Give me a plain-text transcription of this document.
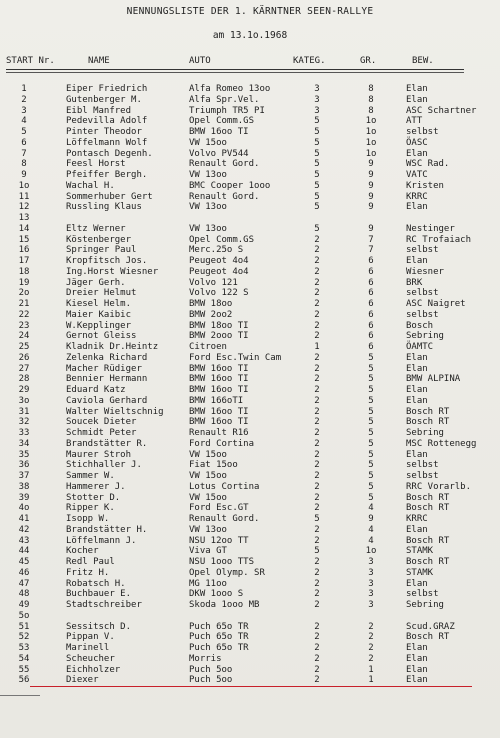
NENNUNGSLISTE DER 1. KÄRNTNER SEEN-RALLYE
am 13.1o.1968
START Nr.	NAME	AUTO	KATEG.	GR.	BEW.
1	Eiper Friedrich	Alfa Romeo 13oo	3	8	Elan
2	Gutenberger M.	Alfa Spr.Vel.	3	8	Elan
3	Eibl Manfred	Triumph TR5 PI	3	8	ASC Schartner
4	Pedevilla Adolf	Opel Comm.GS	5	1o	ATT
5	Pinter Theodor	BMW 16oo TI	5	1o	selbst
6	Löffelmann Wolf	VW 15oo	5	1o	ÖASC
7	Pontasch Degenh.	Volvo PV544	5	1o	Elan
8	Feesl Horst	Renault Gord.	5	9	WSC Rad.
9	Pfeiffer Bergh.	VW 13oo	5	9	VATC
1o	Wachal H.	BMC Cooper 1ooo	5	9	Kristen
11	Sommerhuber Gert	Renault Gord.	5	9	KRRC
12	Russling Klaus	VW 13oo	5	9	Elan
13
14	Eltz Werner	VW 13oo	5	9	Nestinger
15	Köstenberger	Opel Comm.GS	2	7	RC Trofaiach
16	Springer Paul	Merc.25o S	2	7	selbst
17	Kropfitsch Jos.	Peugeot 4o4	2	6	Elan
18	Ing.Horst Wiesner	Peugeot 4o4	2	6	Wiesner
19	Jäger Gerh.	Volvo 121	2	6	BRK
2o	Dreier Helmut	Volvo 122 S	2	6	selbst
21	Kiesel Helm.	BMW 18oo	2	6	ASC Naigret
22	Maier Kaibic	BMW 2oo2	2	6	selbst
23	W.Kepplinger	BMW 18oo TI	2	6	Bosch
24	Gernot Gleiss	BMW 2ooo TI	2	6	Sebring
25	Kladnik Dr.Heintz	Citroen	1	6	ÖAMTC
26	Zelenka Richard	Ford Esc.Twin Cam	2	5	Elan
27	Macher Rüdiger	BMW 16oo TI	2	5	Elan
28	Bennier Hermann	BMW 16oo TI	2	5	BMW ALPINA
29	Eduard Katz	BMW 16oo TI	2	5	Elan
3o	Caviola Gerhard	BMW 166oTI	2	5	Elan
31	Walter Wieltschnig	BMW 16oo TI	2	5	Bosch RT
32	Soucek Dieter	BMW 16oo TI	2	5	Bosch RT
33	Schmidt Peter	Renault R16	2	5	Sebring
34	Brandstätter R.	Ford Cortina	2	5	MSC Rottenegg
35	Maurer Stroh	VW 15oo	2	5	Elan
36	Stichhaller J.	Fiat 15oo	2	5	selbst
37	Sammer W.	VW 15oo	2	5	selbst
38	Hammerer J.	Lotus Cortina	2	5	RRC Vorarlb.
39	Stotter D.	VW 15oo	2	5	Bosch RT
4o	Ripper K.	Ford Esc.GT	2	4	Bosch RT
41	Isopp W.	Renault Gord.	5	9	KRRC
42	Brandstätter H.	VW 13oo	2	4	Elan
43	Löffelmann J.	NSU 12oo TT	2	4	Bosch RT
44	Kocher	Viva GT	5	1o	STAMK
45	Redl Paul	NSU 1ooo TTS	2	3	Bosch RT
46	Fritz H.	Opel Olymp. SR	2	3	STAMK
47	Robatsch H.	MG 11oo	2	3	Elan
48	Buchbauer E.	DKW 1ooo S	2	3	selbst
49	Stadtschreiber	Skoda 1ooo MB	2	3	Sebring
5o
51	Sessitsch D.	Puch 65o TR	2	2	Scud.GRAZ
52	Pippan V.	Puch 65o TR	2	2	Bosch RT
53	Marinell	Puch 65o TR	2	2	Elan
54	Scheucher	Morris	2	2	Elan
55	Eichholzer	Puch 5oo	2	1	Elan
56	Diexer	Puch 5oo	2	1	Elan
